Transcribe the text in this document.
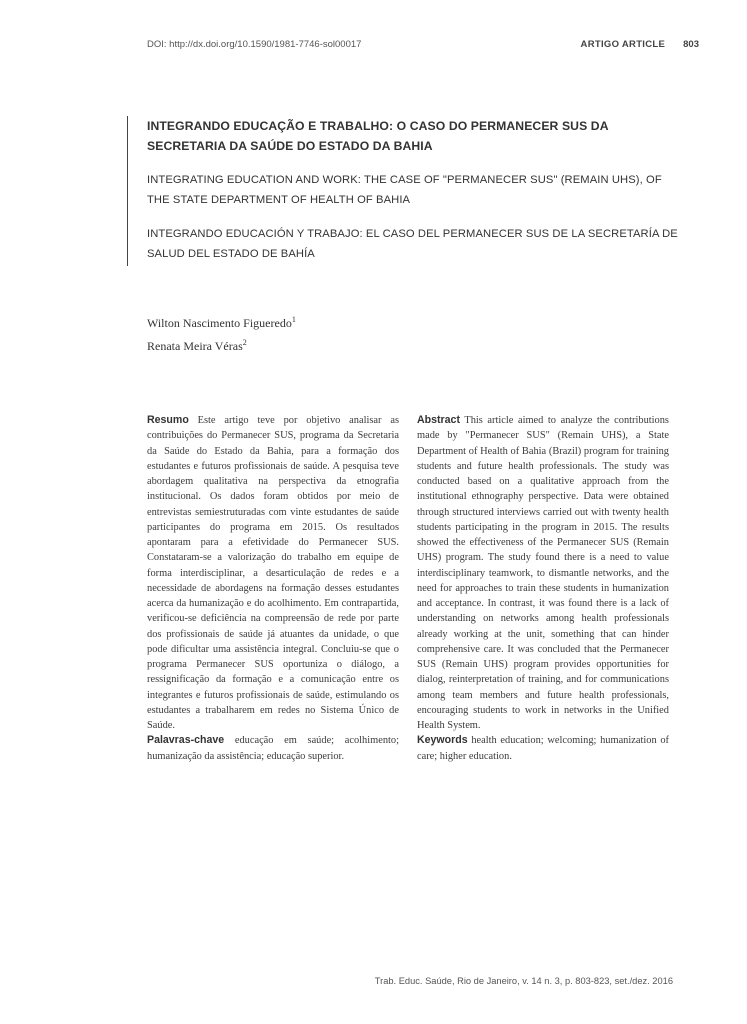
DOI: http://dx.doi.org/10.1590/1981-7746-sol00017	ARTIGO ARTICLE 803
INTEGRANDO EDUCAÇÃO E TRABALHO: O CASO DO PERMANECER SUS DA SECRETARIA DA SAÚDE DO ESTADO DA BAHIA
INTEGRATING EDUCATION AND WORK: THE CASE OF "PERMANECER SUS" (REMAIN UHS), OF THE STATE DEPARTMENT OF HEALTH OF BAHIA
INTEGRANDO EDUCACIÓN Y TRABAJO: EL CASO DEL PERMANECER SUS DE LA SECRETARÍA DE SALUD DEL ESTADO DE BAHÍA
Wilton Nascimento Figueredo$^1$
Renata Meira Véras$^2$

Resumo Este artigo teve por objetivo analisar as contribuições do Permanecer SUS, programa da Secretaria da Saúde do Estado da Bahia, para a formação dos estudantes e futuros profissionais de saúde. A pesquisa teve abordagem qualitativa na perspectiva da etnografia institucional. Os dados foram obtidos por meio de entrevistas semiestruturadas com vinte estudantes de saúde participantes do programa em 2015. Os resultados apontaram para a efetividade do Permanecer SUS. Constataram-se a valorização do trabalho em equipe de forma interdisciplinar, a desarticulação de redes e a necessidade de abordagens na formação desses estudantes acerca da humanização e do acolhimento. Em contrapartida, verificou-se deficiência na compreensão de rede por parte dos profissionais de saúde já atuantes da unidade, o que pode dificultar uma assistência integral. Concluiu-se que o programa Permanecer SUS oportuniza o diálogo, a ressignificação da formação e a comunicação entre os integrantes e futuros profissionais de saúde, estimulando os estudantes a trabalharem em redes no Sistema Único de Saúde.

Palavras-chave educação em saúde; acolhimento; humanização da assistência; educação superior.

Abstract This article aimed to analyze the contributions made by "Permanecer SUS" (Remain UHS), a State Department of Health of Bahia (Brazil) program for training students and future health professionals. The study was conducted based on a qualitative approach from the institutional ethnography perspective. Data were obtained through structured interviews carried out with twenty health students participating in the program in 2015. The results showed the effectiveness of the Permanecer SUS (Remain UHS) program. The study found there is a need to value interdisciplinary teamwork, to dismantle networks, and the need for approaches to train these students in humanization and acceptance. In contrast, it was found there is a lack of understanding on networks among health professionals already working at the unit, something that can hinder comprehensive care. It was concluded that the Permanecer SUS (Remain UHS) program provides opportunities for dialog, reinterpretation of training, and for communications among team members and future health professionals, encouraging students to work in networks in the Unified Health System.

Keywords health education; welcoming; humanization of care; higher education.

Trab. Educ. Saúde, Rio de Janeiro, v. 14 n. 3, p. 803-823, set./dez. 2016
